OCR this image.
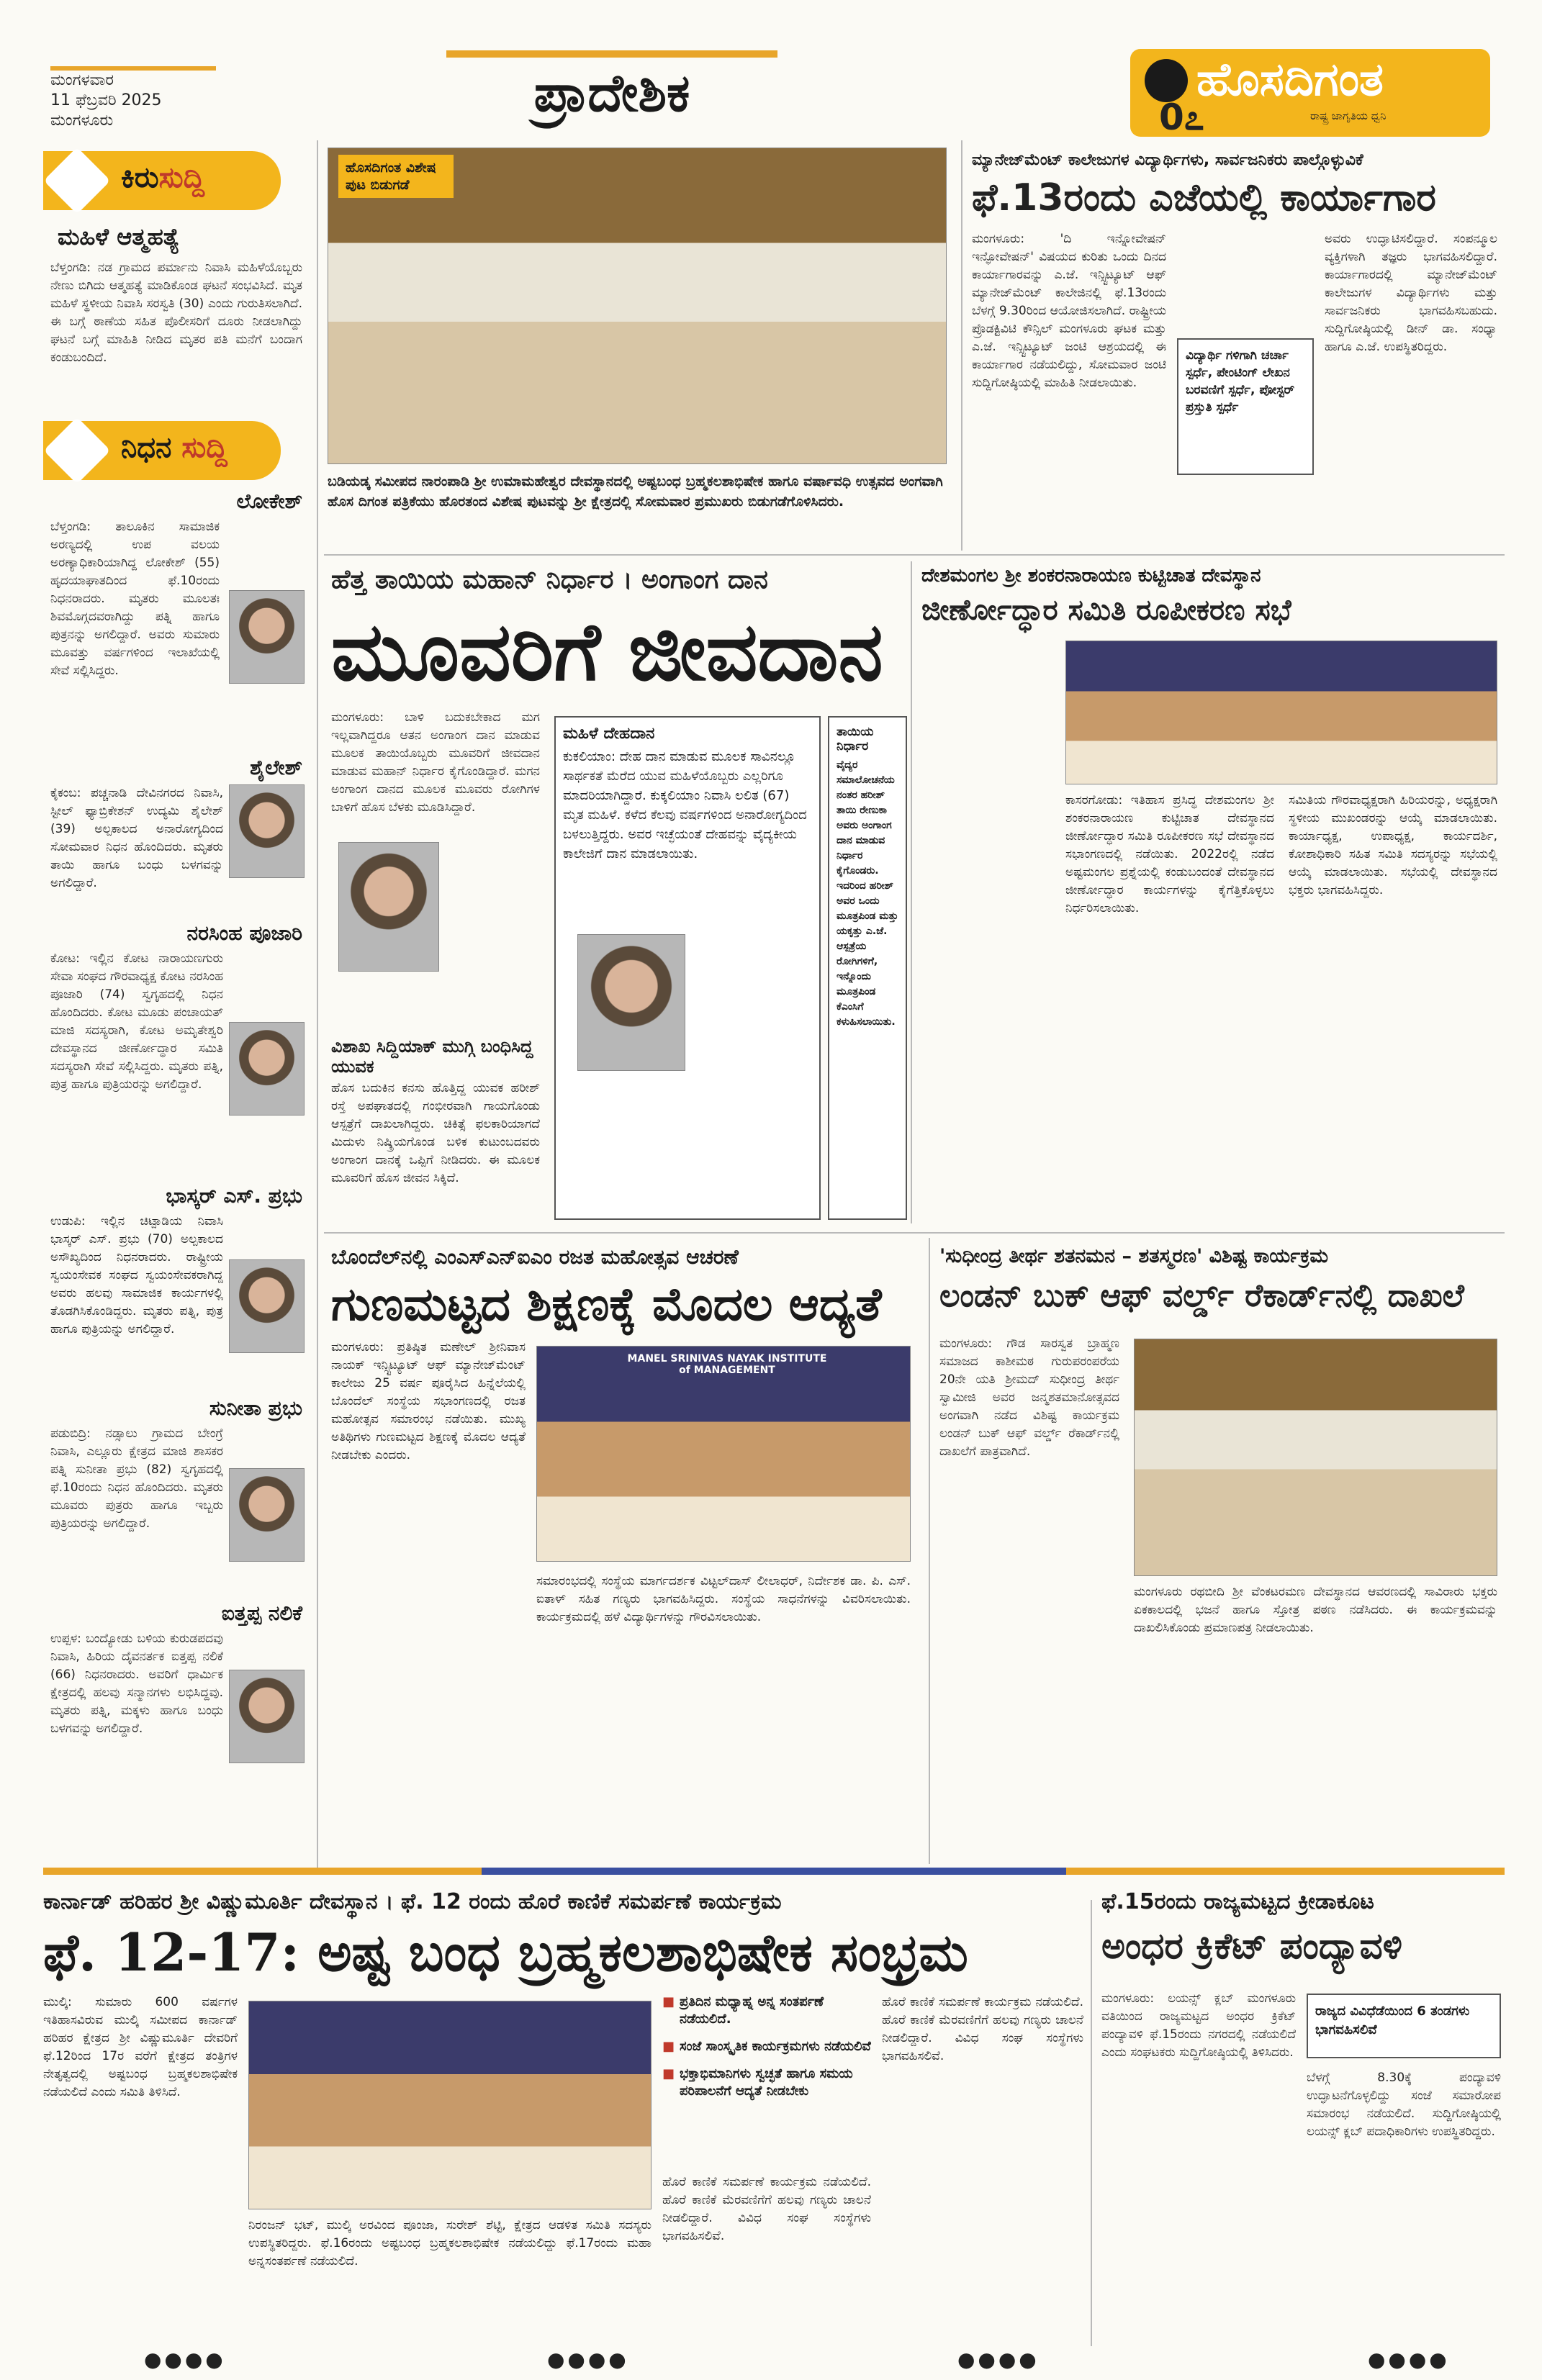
ಮಂಗಳವಾರ
11 ಫೆಬ್ರವರಿ 2025
ಮಂಗಳೂರು	ಪ್ರಾದೇಶಿಕ	ಹೊಸದಿಗಂತ
0೭	ರಾಷ್ಟ್ರ ಜಾಗೃತಿಯ ಧ್ವನಿ
ಕಿರುಸುದ್ದಿ
ಮಹಿಳೆ ಆತ್ಮಹತ್ಯೆ
ಬೆಳ್ತಂಗಡಿ: ನಡ ಗ್ರಾಮದ ಪರ್ಮಾನು ನಿವಾಸಿ ಮಹಿಳೆಯೊಬ್ಬರು ನೇಣು ಬಿಗಿದು ಆತ್ಮಹತ್ಯೆ ಮಾಡಿಕೊಂಡ ಘಟನೆ ಸಂಭವಿಸಿದೆ. ಮೃತ ಮಹಿಳೆ ಸ್ಥಳೀಯ ನಿವಾಸಿ ಸರಸ್ವತಿ (30) ಎಂದು ಗುರುತಿಸಲಾಗಿದೆ. ಈ ಬಗ್ಗೆ ಠಾಣೆಯ ಸಹಿತ ಪೊಲೀಸರಿಗೆ ದೂರು ನೀಡಲಾಗಿದ್ದು ಘಟನೆ ಬಗ್ಗೆ ಮಾಹಿತಿ ನೀಡಿದ ಮೃತರ ಪತಿ ಮನೆಗೆ ಬಂದಾಗ ಕಂಡುಬಂದಿದೆ.
ನಿಧನ ಸುದ್ದಿ
ಲೋಕೇಶ್
ಬೆಳ್ತಂಗಡಿ: ತಾಲೂಕಿನ ಸಾಮಾಜಿಕ ಅರಣ್ಯದಲ್ಲಿ ಉಪ ವಲಯ ಅರಣ್ಯಾಧಿಕಾರಿಯಾಗಿದ್ದ ಲೋಕೇಶ್ (55) ಹೃದಯಾಘಾತದಿಂದ ಫೆ.10ರಂದು ನಿಧನರಾದರು. ಮೃತರು ಮೂಲತಃ ಶಿವಮೊಗ್ಗದವರಾಗಿದ್ದು ಪತ್ನಿ ಹಾಗೂ ಪುತ್ರನನ್ನು ಅಗಲಿದ್ದಾರೆ. ಅವರು ಸುಮಾರು ಮೂವತ್ತು ವರ್ಷಗಳಿಂದ ಇಲಾಖೆಯಲ್ಲಿ ಸೇವೆ ಸಲ್ಲಿಸಿದ್ದರು.
ಶೈಲೇಶ್
ಕೈಕಂಬ: ಪಚ್ಚನಾಡಿ ದೇವಿನಗರದ ನಿವಾಸಿ, ಸ್ಟೀಲ್ ಫ್ಯಾಬ್ರಿಕೇಶನ್ ಉದ್ಯಮಿ ಶೈಲೇಶ್ (39) ಅಲ್ಪಕಾಲದ ಅನಾರೋಗ್ಯದಿಂದ ಸೋಮವಾರ ನಿಧನ ಹೊಂದಿದರು. ಮೃತರು ತಾಯಿ ಹಾಗೂ ಬಂಧು ಬಳಗವನ್ನು ಅಗಲಿದ್ದಾರೆ.
ನರಸಿಂಹ ಪೂಜಾರಿ
ಕೋಟ: ಇಲ್ಲಿನ ಕೋಟ ನಾರಾಯಣಗುರು ಸೇವಾ ಸಂಘದ ಗೌರವಾಧ್ಯಕ್ಷ ಕೋಟ ನರಸಿಂಹ ಪೂಜಾರಿ (74) ಸ್ವಗೃಹದಲ್ಲಿ ನಿಧನ ಹೊಂದಿದರು. ಕೋಟ ಮೂಡು ಪಂಚಾಯತ್ ಮಾಜಿ ಸದಸ್ಯರಾಗಿ, ಕೋಟ ಅಮೃತೇಶ್ವರಿ ದೇವಸ್ಥಾನದ ಜೀರ್ಣೋದ್ಧಾರ ಸಮಿತಿ ಸದಸ್ಯರಾಗಿ ಸೇವೆ ಸಲ್ಲಿಸಿದ್ದರು. ಮೃತರು ಪತ್ನಿ, ಪುತ್ರ ಹಾಗೂ ಪುತ್ರಿಯರನ್ನು ಅಗಲಿದ್ದಾರೆ.
ಭಾಸ್ಕರ್ ಎಸ್. ಪ್ರಭು
ಉಡುಪಿ: ಇಲ್ಲಿನ ಚಿಟ್ಪಾಡಿಯ ನಿವಾಸಿ ಭಾಸ್ಕರ್ ಎಸ್. ಪ್ರಭು (70) ಅಲ್ಪಕಾಲದ ಅಸೌಖ್ಯದಿಂದ ನಿಧನರಾದರು. ರಾಷ್ಟ್ರೀಯ ಸ್ವಯಂಸೇವಕ ಸಂಘದ ಸ್ವಯಂಸೇವಕರಾಗಿದ್ದ ಅವರು ಹಲವು ಸಾಮಾಜಿಕ ಕಾರ್ಯಗಳಲ್ಲಿ ತೊಡಗಿಸಿಕೊಂಡಿದ್ದರು. ಮೃತರು ಪತ್ನಿ, ಪುತ್ರ ಹಾಗೂ ಪುತ್ರಿಯನ್ನು ಅಗಲಿದ್ದಾರೆ.
ಸುನೀತಾ ಪ್ರಭು
ಪಡುಬಿದ್ರಿ: ನಡ್ಸಾಲು ಗ್ರಾಮದ ಬೇಂಗ್ರೆ ನಿವಾಸಿ, ಎಲ್ಲೂರು ಕ್ಷೇತ್ರದ ಮಾಜಿ ಶಾಸಕರ ಪತ್ನಿ ಸುನೀತಾ ಪ್ರಭು (82) ಸ್ವಗೃಹದಲ್ಲಿ ಫೆ.10ರಂದು ನಿಧನ ಹೊಂದಿದರು. ಮೃತರು ಮೂವರು ಪುತ್ರರು ಹಾಗೂ ಇಬ್ಬರು ಪುತ್ರಿಯರನ್ನು ಅಗಲಿದ್ದಾರೆ.
ಐತ್ತಪ್ಪ ನಲಿಕೆ
ಉಪ್ಪಳ: ಬಂದ್ಯೋಡು ಬಳಿಯ ಕುರುಡಪದವು ನಿವಾಸಿ, ಹಿರಿಯ ದೈವನರ್ತಕ ಐತ್ತಪ್ಪ ನಲಿಕೆ (66) ನಿಧನರಾದರು. ಅವರಿಗೆ ಧಾರ್ಮಿಕ ಕ್ಷೇತ್ರದಲ್ಲಿ ಹಲವು ಸನ್ಮಾನಗಳು ಲಭಿಸಿದ್ದವು. ಮೃತರು ಪತ್ನಿ, ಮಕ್ಕಳು ಹಾಗೂ ಬಂಧು ಬಳಗವನ್ನು ಅಗಲಿದ್ದಾರೆ.
ಹೊಸದಿಗಂತ ವಿಶೇಷ ಪುಟ ಬಿಡುಗಡೆ
ಬಡಿಯಡ್ಕ ಸಮೀಪದ ನಾರಂಪಾಡಿ ಶ್ರೀ ಉಮಾಮಹೇಶ್ವರ ದೇವಸ್ಥಾನದಲ್ಲಿ ಅಷ್ಟಬಂಧ ಬ್ರಹ್ಮಕಲಶಾಭಿಷೇಕ ಹಾಗೂ ವರ್ಷಾವಧಿ ಉತ್ಸವದ ಅಂಗವಾಗಿ ಹೊಸ ದಿಗಂತ ಪತ್ರಿಕೆಯು ಹೊರತಂದ ವಿಶೇಷ ಪುಟವನ್ನು ಶ್ರೀ ಕ್ಷೇತ್ರದಲ್ಲಿ ಸೋಮವಾರ ಪ್ರಮುಖರು ಬಿಡುಗಡೆಗೊಳಿಸಿದರು.
ಮ್ಯಾನೇಜ್‌ಮೆಂಟ್ ಕಾಲೇಜುಗಳ ವಿದ್ಯಾರ್ಥಿಗಳು, ಸಾರ್ವಜನಿಕರು ಪಾಲ್ಗೊಳ್ಳುವಿಕೆ
ಫೆ.13ರಂದು ಎಜೆಯಲ್ಲಿ ಕಾರ್ಯಾಗಾರ
ಮಂಗಳೂರು: 'ದಿ ಇನ್ನೋವೇಷನ್ ಇನ್ಫೋವೇಷನ್' ವಿಷಯದ ಕುರಿತು ಒಂದು ದಿನದ ಕಾರ್ಯಾಗಾರವನ್ನು ಎ.ಜೆ. ಇನ್ಸ್ಟಿಟ್ಯೂಟ್ ಆಫ್ ಮ್ಯಾನೇಜ್‌ಮೆಂಟ್ ಕಾಲೇಜಿನಲ್ಲಿ ಫೆ.13ರಂದು ಬೆಳಗ್ಗೆ 9.30ರಿಂದ ಆಯೋಜಿಸಲಾಗಿದೆ. ರಾಷ್ಟ್ರೀಯ ಪ್ರೊಡಕ್ಟಿವಿಟಿ ಕೌನ್ಸಿಲ್ ಮಂಗಳೂರು ಘಟಕ ಮತ್ತು ಎ.ಜೆ. ಇನ್ಸ್ಟಿಟ್ಯೂಟ್ ಜಂಟಿ ಆಶ್ರಯದಲ್ಲಿ ಈ ಕಾರ್ಯಾಗಾರ ನಡೆಯಲಿದ್ದು, ಸೋಮವಾರ ಜಂಟಿ ಸುದ್ದಿಗೋಷ್ಠಿಯಲ್ಲಿ ಮಾಹಿತಿ ನೀಡಲಾಯಿತು.
ವಿದ್ಯಾರ್ಥಿ ಗಳಿಗಾಗಿ ಚರ್ಚಾ ಸ್ಪರ್ಧೆ, ಪೇಂಟಿಂಗ್ ಲೇಖನ ಬರವಣಿಗೆ ಸ್ಪರ್ಧೆ, ಪೋಸ್ಟರ್ ಪ್ರಸ್ತುತಿ ಸ್ಪರ್ಧೆ
ಅವರು ಉದ್ಘಾಟಿಸಲಿದ್ದಾರೆ. ಸಂಪನ್ಮೂಲ ವ್ಯಕ್ತಿಗಳಾಗಿ ತಜ್ಞರು ಭಾಗವಹಿಸಲಿದ್ದಾರೆ. ಕಾರ್ಯಾಗಾರದಲ್ಲಿ ಮ್ಯಾನೇಜ್‌ಮೆಂಟ್ ಕಾಲೇಜುಗಳ ವಿದ್ಯಾರ್ಥಿಗಳು ಮತ್ತು ಸಾರ್ವಜನಿಕರು ಭಾಗವಹಿಸಬಹುದು. ಸುದ್ದಿಗೋಷ್ಠಿಯಲ್ಲಿ ಡೀನ್ ಡಾ. ಸಂಧ್ಯಾ ಹಾಗೂ ಎ.ಜೆ. ಉಪಸ್ಥಿತರಿದ್ದರು.
ಹೆತ್ತ ತಾಯಿಯ ಮಹಾನ್ ನಿರ್ಧಾರ । ಅಂಗಾಂಗ ದಾನ
ಮೂವರಿಗೆ ಜೀವದಾನ
ಮಂಗಳೂರು: ಬಾಳಿ ಬದುಕಬೇಕಾದ ಮಗ ಇಲ್ಲವಾಗಿದ್ದರೂ ಆತನ ಅಂಗಾಂಗ ದಾನ ಮಾಡುವ ಮೂಲಕ ತಾಯಿಯೊಬ್ಬರು ಮೂವರಿಗೆ ಜೀವದಾನ ಮಾಡುವ ಮಹಾನ್ ನಿರ್ಧಾರ ಕೈಗೊಂಡಿದ್ದಾರೆ. ಮಗನ ಅಂಗಾಂಗ ದಾನದ ಮೂಲಕ ಮೂವರು ರೋಗಿಗಳ ಬಾಳಿಗೆ ಹೊಸ ಬೆಳಕು ಮೂಡಿಸಿದ್ದಾರೆ.
ವಿಶಾಖ ಸಿದ್ದಿಯಾಕ್ ಮುಗ್ಗಿ ಬಂಧಿಸಿದ್ದ ಯುವಕ
ಹೊಸ ಬದುಕಿನ ಕನಸು ಹೊತ್ತಿದ್ದ ಯುವಕ ಹರೀಶ್ ರಸ್ತೆ ಅಪಘಾತದಲ್ಲಿ ಗಂಭೀರವಾಗಿ ಗಾಯಗೊಂಡು ಆಸ್ಪತ್ರೆಗೆ ದಾಖಲಾಗಿದ್ದರು. ಚಿಕಿತ್ಸೆ ಫಲಕಾರಿಯಾಗದೆ ಮಿದುಳು ನಿಷ್ಕ್ರಿಯಗೊಂಡ ಬಳಿಕ ಕುಟುಂಬದವರು ಅಂಗಾಂಗ ದಾನಕ್ಕೆ ಒಪ್ಪಿಗೆ ನೀಡಿದರು. ಈ ಮೂಲಕ ಮೂವರಿಗೆ ಹೊಸ ಜೀವನ ಸಿಕ್ಕಿದೆ.
ಮಹಿಳೆ ದೇಹದಾನ
ಕುಕಲಿಯಾಂ: ದೇಹ ದಾನ ಮಾಡುವ ಮೂಲಕ ಸಾವಿನಲ್ಲೂ ಸಾರ್ಥಕತೆ ಮೆರೆದ ಯುವ ಮಹಿಳೆಯೊಬ್ಬರು ಎಲ್ಲರಿಗೂ ಮಾದರಿಯಾಗಿದ್ದಾರೆ. ಕುಕ್ಕಲಿಯಾಂ ನಿವಾಸಿ ಲಲಿತ (67) ಮೃತ ಮಹಿಳೆ. ಕಳೆದ ಕೆಲವು ವರ್ಷಗಳಿಂದ ಅನಾರೋಗ್ಯದಿಂದ ಬಳಲುತ್ತಿದ್ದರು. ಅವರ ಇಚ್ಛೆಯಂತೆ ದೇಹವನ್ನು ವೈದ್ಯಕೀಯ ಕಾಲೇಜಿಗೆ ದಾನ ಮಾಡಲಾಯಿತು.
ತಾಯಿಯ ನಿರ್ಧಾರ
ವೈದ್ಯರ ಸಮಾಲೋಚನೆಯ ನಂತರ ಹರೀಶ್ ತಾಯಿ ರೇಣುಕಾ ಅವರು ಅಂಗಾಂಗ ದಾನ ಮಾಡುವ ನಿರ್ಧಾರ ಕೈಗೊಂಡರು. ಇದರಿಂದ ಹರೀಶ್ ಅವರ ಒಂದು ಮೂತ್ರಪಿಂಡ ಮತ್ತು ಯಕೃತ್ತು ಎ.ಜೆ. ಆಸ್ಪತ್ರೆಯ ರೋಗಿಗಳಿಗೆ, ಇನ್ನೊಂದು ಮೂತ್ರಪಿಂಡ ಕೆಎಂಸಿಗೆ ಕಳುಹಿಸಲಾಯಿತು.
ದೇಶಮಂಗಲ ಶ್ರೀ ಶಂಕರನಾರಾಯಣ ಕುಟ್ಟಿಚಾತ ದೇವಸ್ಥಾನ
ಜೀರ್ಣೋದ್ಧಾರ ಸಮಿತಿ ರೂಪೀಕರಣ ಸಭೆ
ಕಾಸರಗೋಡು: ಇತಿಹಾಸ ಪ್ರಸಿದ್ಧ ದೇಶಮಂಗಲ ಶ್ರೀ ಶಂಕರನಾರಾಯಣ ಕುಟ್ಟಿಚಾತ ದೇವಸ್ಥಾನದ ಜೀರ್ಣೋದ್ಧಾರ ಸಮಿತಿ ರೂಪೀಕರಣ ಸಭೆ ದೇವಸ್ಥಾನದ ಸಭಾಂಗಣದಲ್ಲಿ ನಡೆಯಿತು. 2022ರಲ್ಲಿ ನಡೆದ ಅಷ್ಟಮಂಗಲ ಪ್ರಶ್ನೆಯಲ್ಲಿ ಕಂಡುಬಂದಂತೆ ದೇವಸ್ಥಾನದ ಜೀರ್ಣೋದ್ಧಾರ ಕಾರ್ಯಗಳನ್ನು ಕೈಗೆತ್ತಿಕೊಳ್ಳಲು ನಿರ್ಧರಿಸಲಾಯಿತು.
ಸಮಿತಿಯ ಗೌರವಾಧ್ಯಕ್ಷರಾಗಿ ಹಿರಿಯರನ್ನು, ಅಧ್ಯಕ್ಷರಾಗಿ ಸ್ಥಳೀಯ ಮುಖಂಡರನ್ನು ಆಯ್ಕೆ ಮಾಡಲಾಯಿತು. ಕಾರ್ಯಾಧ್ಯಕ್ಷ, ಉಪಾಧ್ಯಕ್ಷ, ಕಾರ್ಯದರ್ಶಿ, ಕೋಶಾಧಿಕಾರಿ ಸಹಿತ ಸಮಿತಿ ಸದಸ್ಯರನ್ನು ಸಭೆಯಲ್ಲಿ ಆಯ್ಕೆ ಮಾಡಲಾಯಿತು. ಸಭೆಯಲ್ಲಿ ದೇವಸ್ಥಾನದ ಭಕ್ತರು ಭಾಗವಹಿಸಿದ್ದರು.
ಬೊಂದೆಲ್‌ನಲ್ಲಿ ಎಂಎಸ್‌ಎನ್‌ಐಎಂ ರಜತ ಮಹೋತ್ಸವ ಆಚರಣೆ
ಗುಣಮಟ್ಟದ ಶಿಕ್ಷಣಕ್ಕೆ ಮೊದಲ ಆದ್ಯತೆ
ಮಂಗಳೂರು: ಪ್ರತಿಷ್ಠಿತ ಮಣೇಲ್ ಶ್ರೀನಿವಾಸ ನಾಯಕ್ ಇನ್ಸ್ಟಿಟ್ಯೂಟ್ ಆಫ್ ಮ್ಯಾನೇಜ್‌ಮೆಂಟ್ ಕಾಲೇಜು 25 ವರ್ಷ ಪೂರೈಸಿದ ಹಿನ್ನೆಲೆಯಲ್ಲಿ ಬೊಂದೆಲ್ ಸಂಸ್ಥೆಯ ಸಭಾಂಗಣದಲ್ಲಿ ರಜತ ಮಹೋತ್ಸವ ಸಮಾರಂಭ ನಡೆಯಿತು. ಮುಖ್ಯ ಅತಿಥಿಗಳು ಗುಣಮಟ್ಟದ ಶಿಕ್ಷಣಕ್ಕೆ ಮೊದಲ ಆದ್ಯತೆ ನೀಡಬೇಕು ಎಂದರು.
MANEL SRINIVAS NAYAK INSTITUTE of MANAGEMENT
ಸಮಾರಂಭದಲ್ಲಿ ಸಂಸ್ಥೆಯ ಮಾರ್ಗದರ್ಶಕ ವಿಟ್ಟಲ್‌ದಾಸ್ ಲೀಲಾಧರ್, ನಿರ್ದೇಶಕ ಡಾ. ಪಿ. ಎಸ್. ಐತಾಳ್ ಸಹಿತ ಗಣ್ಯರು ಭಾಗವಹಿಸಿದ್ದರು. ಸಂಸ್ಥೆಯ ಸಾಧನೆಗಳನ್ನು ವಿವರಿಸಲಾಯಿತು. ಕಾರ್ಯಕ್ರಮದಲ್ಲಿ ಹಳೆ ವಿದ್ಯಾರ್ಥಿಗಳನ್ನು ಗೌರವಿಸಲಾಯಿತು.
'ಸುಧೀಂದ್ರ ತೀರ್ಥ ಶತನಮನ – ಶತಸ್ಮರಣ' ವಿಶಿಷ್ಟ ಕಾರ್ಯಕ್ರಮ
ಲಂಡನ್ ಬುಕ್ ಆಫ್ ವರ್ಲ್ಡ್ ರೆಕಾರ್ಡ್‌ನಲ್ಲಿ ದಾಖಲೆ
ಮಂಗಳೂರು: ಗೌಡ ಸಾರಸ್ವತ ಬ್ರಾಹ್ಮಣ ಸಮಾಜದ ಕಾಶೀಮಠ ಗುರುಪರಂಪರೆಯ 20ನೇ ಯತಿ ಶ್ರೀಮದ್ ಸುಧೀಂದ್ರ ತೀರ್ಥ ಸ್ವಾಮೀಜಿ ಅವರ ಜನ್ಮಶತಮಾನೋತ್ಸವದ ಅಂಗವಾಗಿ ನಡೆದ ವಿಶಿಷ್ಟ ಕಾರ್ಯಕ್ರಮ ಲಂಡನ್ ಬುಕ್ ಆಫ್ ವರ್ಲ್ಡ್ ರೆಕಾರ್ಡ್‌ನಲ್ಲಿ ದಾಖಲೆಗೆ ಪಾತ್ರವಾಗಿದೆ.
ಮಂಗಳೂರು ರಥಬೀದಿ ಶ್ರೀ ವೆಂಕಟರಮಣ ದೇವಸ್ಥಾನದ ಆವರಣದಲ್ಲಿ ಸಾವಿರಾರು ಭಕ್ತರು ಏಕಕಾಲದಲ್ಲಿ ಭಜನೆ ಹಾಗೂ ಸ್ತೋತ್ರ ಪಠಣ ನಡೆಸಿದರು. ಈ ಕಾರ್ಯಕ್ರಮವನ್ನು ದಾಖಲಿಸಿಕೊಂಡು ಪ್ರಮಾಣಪತ್ರ ನೀಡಲಾಯಿತು.
ಕಾರ್ನಾಡ್ ಹರಿಹರ ಶ್ರೀ ವಿಷ್ಣುಮೂರ್ತಿ ದೇವಸ್ಥಾನ । ಫೆ. 12 ರಂದು ಹೊರೆ ಕಾಣಿಕೆ ಸಮರ್ಪಣೆ ಕಾರ್ಯಕ್ರಮ
ಫೆ. 12-17: ಅಷ್ಟ ಬಂಧ ಬ್ರಹ್ಮಕಲಶಾಭಿಷೇಕ ಸಂಭ್ರಮ
ಮುಲ್ಕಿ: ಸುಮಾರು 600 ವರ್ಷಗಳ ಇತಿಹಾಸವಿರುವ ಮುಲ್ಕಿ ಸಮೀಪದ ಕಾರ್ನಾಡ್ ಹರಿಹರ ಕ್ಷೇತ್ರದ ಶ್ರೀ ವಿಷ್ಣುಮೂರ್ತಿ ದೇವರಿಗೆ ಫೆ.12ರಿಂದ 17ರ ವರೆಗೆ ಕ್ಷೇತ್ರದ ತಂತ್ರಿಗಳ ನೇತೃತ್ವದಲ್ಲಿ ಅಷ್ಟಬಂಧ ಬ್ರಹ್ಮಕಲಶಾಭಿಷೇಕ ನಡೆಯಲಿದೆ ಎಂದು ಸಮಿತಿ ತಿಳಿಸಿದೆ.
ನಿರಂಜನ್ ಭಟ್, ಮುಲ್ಕಿ ಅರವಿಂದ ಪೂಂಜಾ, ಸುರೇಶ್ ಶೆಟ್ಟಿ, ಕ್ಷೇತ್ರದ ಆಡಳಿತ ಸಮಿತಿ ಸದಸ್ಯರು ಉಪಸ್ಥಿತರಿದ್ದರು. ಫೆ.16ರಂದು ಅಷ್ಟಬಂಧ ಬ್ರಹ್ಮಕಲಶಾಭಿಷೇಕ ನಡೆಯಲಿದ್ದು ಫೆ.17ರಂದು ಮಹಾ ಅನ್ನಸಂತರ್ಪಣೆ ನಡೆಯಲಿದೆ.
■ ಪ್ರತಿದಿನ ಮಧ್ಯಾಹ್ನ ಅನ್ನ ಸಂತರ್ಪಣೆ ನಡೆಯಲಿದೆ.
■ ಸಂಜೆ ಸಾಂಸ್ಕೃತಿಕ ಕಾರ್ಯಕ್ರಮಗಳು ನಡೆಯಲಿವೆ
■ ಭಕ್ತಾಭಿಮಾನಿಗಳು ಸ್ವಚ್ಛತೆ ಹಾಗೂ ಸಮಯ ಪರಿಪಾಲನೆಗೆ ಆದ್ಯತೆ ನೀಡಬೇಕು
ಹೊರೆ ಕಾಣಿಕೆ ಸಮರ್ಪಣೆ ಕಾರ್ಯಕ್ರಮ ನಡೆಯಲಿದೆ. ಹೊರೆ ಕಾಣಿಕೆ ಮೆರವಣಿಗೆಗೆ ಹಲವು ಗಣ್ಯರು ಚಾಲನೆ ನೀಡಲಿದ್ದಾರೆ. ವಿವಿಧ ಸಂಘ ಸಂಸ್ಥೆಗಳು ಭಾಗವಹಿಸಲಿವೆ.
ಹೊರೆ ಕಾಣಿಕೆ ಸಮರ್ಪಣೆ ಕಾರ್ಯಕ್ರಮ ನಡೆಯಲಿದೆ. ಹೊರೆ ಕಾಣಿಕೆ ಮೆರವಣಿಗೆಗೆ ಹಲವು ಗಣ್ಯರು ಚಾಲನೆ ನೀಡಲಿದ್ದಾರೆ. ವಿವಿಧ ಸಂಘ ಸಂಸ್ಥೆಗಳು ಭಾಗವಹಿಸಲಿವೆ.
ಫೆ.15ರಂದು ರಾಜ್ಯಮಟ್ಟದ ಕ್ರೀಡಾಕೂಟ
ಅಂಧರ ಕ್ರಿಕೆಟ್ ಪಂದ್ಯಾವಳಿ
ಮಂಗಳೂರು: ಲಯನ್ಸ್ ಕ್ಲಬ್ ಮಂಗಳೂರು ವತಿಯಿಂದ ರಾಜ್ಯಮಟ್ಟದ ಅಂಧರ ಕ್ರಿಕೆಟ್ ಪಂದ್ಯಾವಳಿ ಫೆ.15ರಂದು ನಗರದಲ್ಲಿ ನಡೆಯಲಿದೆ ಎಂದು ಸಂಘಟಕರು ಸುದ್ದಿಗೋಷ್ಠಿಯಲ್ಲಿ ತಿಳಿಸಿದರು.
ರಾಜ್ಯದ ವಿವಿಧೆಡೆಯಿಂದ 6 ತಂಡಗಳು ಭಾಗವಹಿಸಲಿವೆ
ಬೆಳಗ್ಗೆ 8.30ಕ್ಕೆ ಪಂದ್ಯಾವಳಿ ಉದ್ಘಾಟನೆಗೊಳ್ಳಲಿದ್ದು ಸಂಜೆ ಸಮಾರೋಪ ಸಮಾರಂಭ ನಡೆಯಲಿದೆ. ಸುದ್ದಿಗೋಷ್ಠಿಯಲ್ಲಿ ಲಯನ್ಸ್ ಕ್ಲಬ್ ಪದಾಧಿಕಾರಿಗಳು ಉಪಸ್ಥಿತರಿದ್ದರು.
●●●●	●●●●	●●●●	●●●●
